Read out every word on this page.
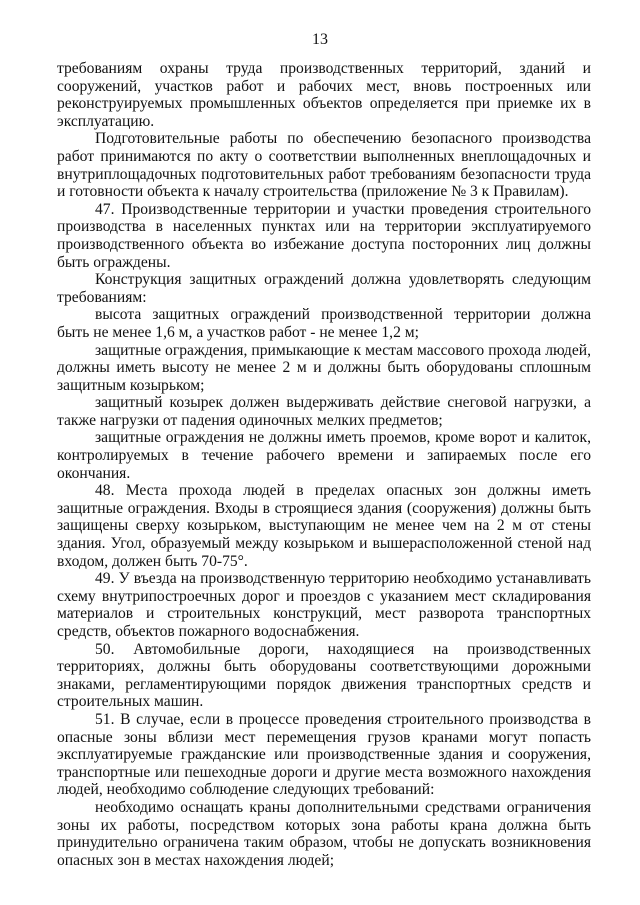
13

требованиям охраны труда производственных территорий, зданий и сооружений, участков работ и рабочих мест, вновь построенных или реконструируемых промышленных объектов определяется при приемке их в эксплуатацию.

Подготовительные работы по обеспечению безопасного производства работ принимаются по акту о соответствии выполненных внеплощадочных и внутриплощадочных подготовительных работ требованиям безопасности труда и готовности объекта к началу строительства (приложение № 3 к Правилам).

47. Производственные территории и участки проведения строительного производства в населенных пунктах или на территории эксплуатируемого производственного объекта во избежание доступа посторонних лиц должны быть ограждены.

Конструкция защитных ограждений должна удовлетворять следующим требованиям:

высота защитных ограждений производственной территории должна быть не менее 1,6 м, а участков работ - не менее 1,2 м;

защитные ограждения, примыкающие к местам массового прохода людей, должны иметь высоту не менее 2 м и должны быть оборудованы сплошным защитным козырьком;

защитный козырек должен выдерживать действие снеговой нагрузки, а также нагрузки от падения одиночных мелких предметов;

защитные ограждения не должны иметь проемов, кроме ворот и калиток, контролируемых в течение рабочего времени и запираемых после его окончания.

48. Места прохода людей в пределах опасных зон должны иметь защитные ограждения. Входы в строящиеся здания (сооружения) должны быть защищены сверху козырьком, выступающим не менее чем на 2 м от стены здания. Угол, образуемый между козырьком и вышерасположенной стеной над входом, должен быть 70-75°.

49. У въезда на производственную территорию необходимо устанавливать схему внутрипостроечных дорог и проездов с указанием мест складирования материалов и строительных конструкций, мест разворота транспортных средств, объектов пожарного водоснабжения.

50. Автомобильные дороги, находящиеся на производственных территориях, должны быть оборудованы соответствующими дорожными знаками, регламентирующими порядок движения транспортных средств и строительных машин.

51. В случае, если в процессе проведения строительного производства в опасные зоны вблизи мест перемещения грузов кранами могут попасть эксплуатируемые гражданские или производственные здания и сооружения, транспортные или пешеходные дороги и другие места возможного нахождения людей, необходимо соблюдение следующих требований:

необходимо оснащать краны дополнительными средствами ограничения зоны их работы, посредством которых зона работы крана должна быть принудительно ограничена таким образом, чтобы не допускать возникновения опасных зон в местах нахождения людей;
